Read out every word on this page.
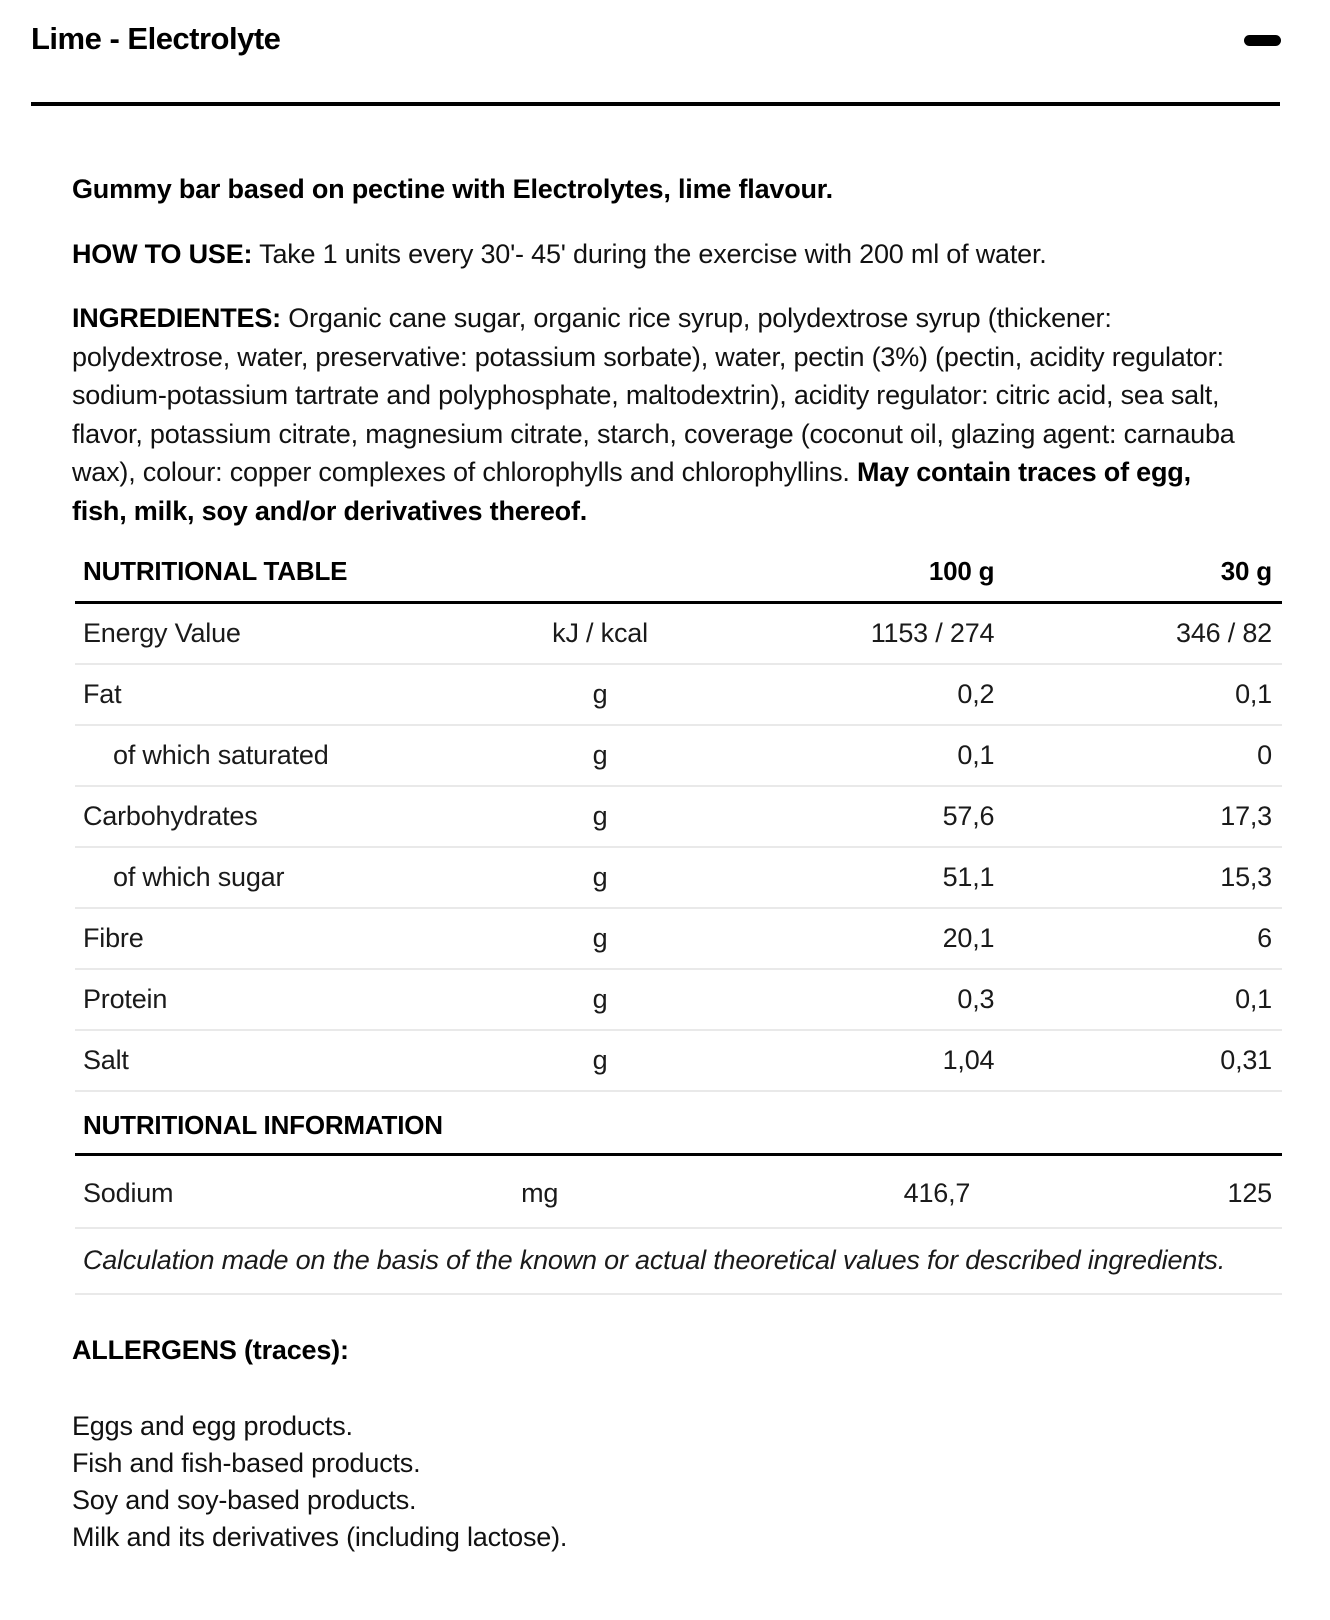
Lime - Electrolyte

Gummy bar based on pectine with Electrolytes, lime flavour.

HOW TO USE: Take 1 units every 30'- 45' during the exercise with 200 ml of water.

INGREDIENTES: Organic cane sugar, organic rice syrup, polydextrose syrup (thickener: polydextrose, water, preservative: potassium sorbate), water, pectin (3%) (pectin, acidity regulator: sodium-potassium tartrate and polyphosphate, maltodextrin), acidity regulator: citric acid, sea salt, flavor, potassium citrate, magnesium citrate, starch, coverage (coconut oil, glazing agent: carnauba wax), colour: copper complexes of chlorophylls and chlorophyllins. May contain traces of egg, fish, milk, soy and/or derivatives thereof.

NUTRITIONAL TABLE		100 g	30 g
Energy Value	kJ / kcal	1153 / 274	346 / 82
Fat	g	0,2	0,1
of which saturated	g	0,1	0
Carbohydrates	g	57,6	17,3
of which sugar	g	51,1	15,3
Fibre	g	20,1	6
Protein	g	0,3	0,1
Salt	g	1,04	0,31
NUTRITIONAL INFORMATION
Sodium	mg	416,7	125

Calculation made on the basis of the known or actual theoretical values for described ingredients.

ALLERGENS (traces):

Eggs and egg products.
Fish and fish-based products.
Soy and soy-based products.
Milk and its derivatives (including lactose).
